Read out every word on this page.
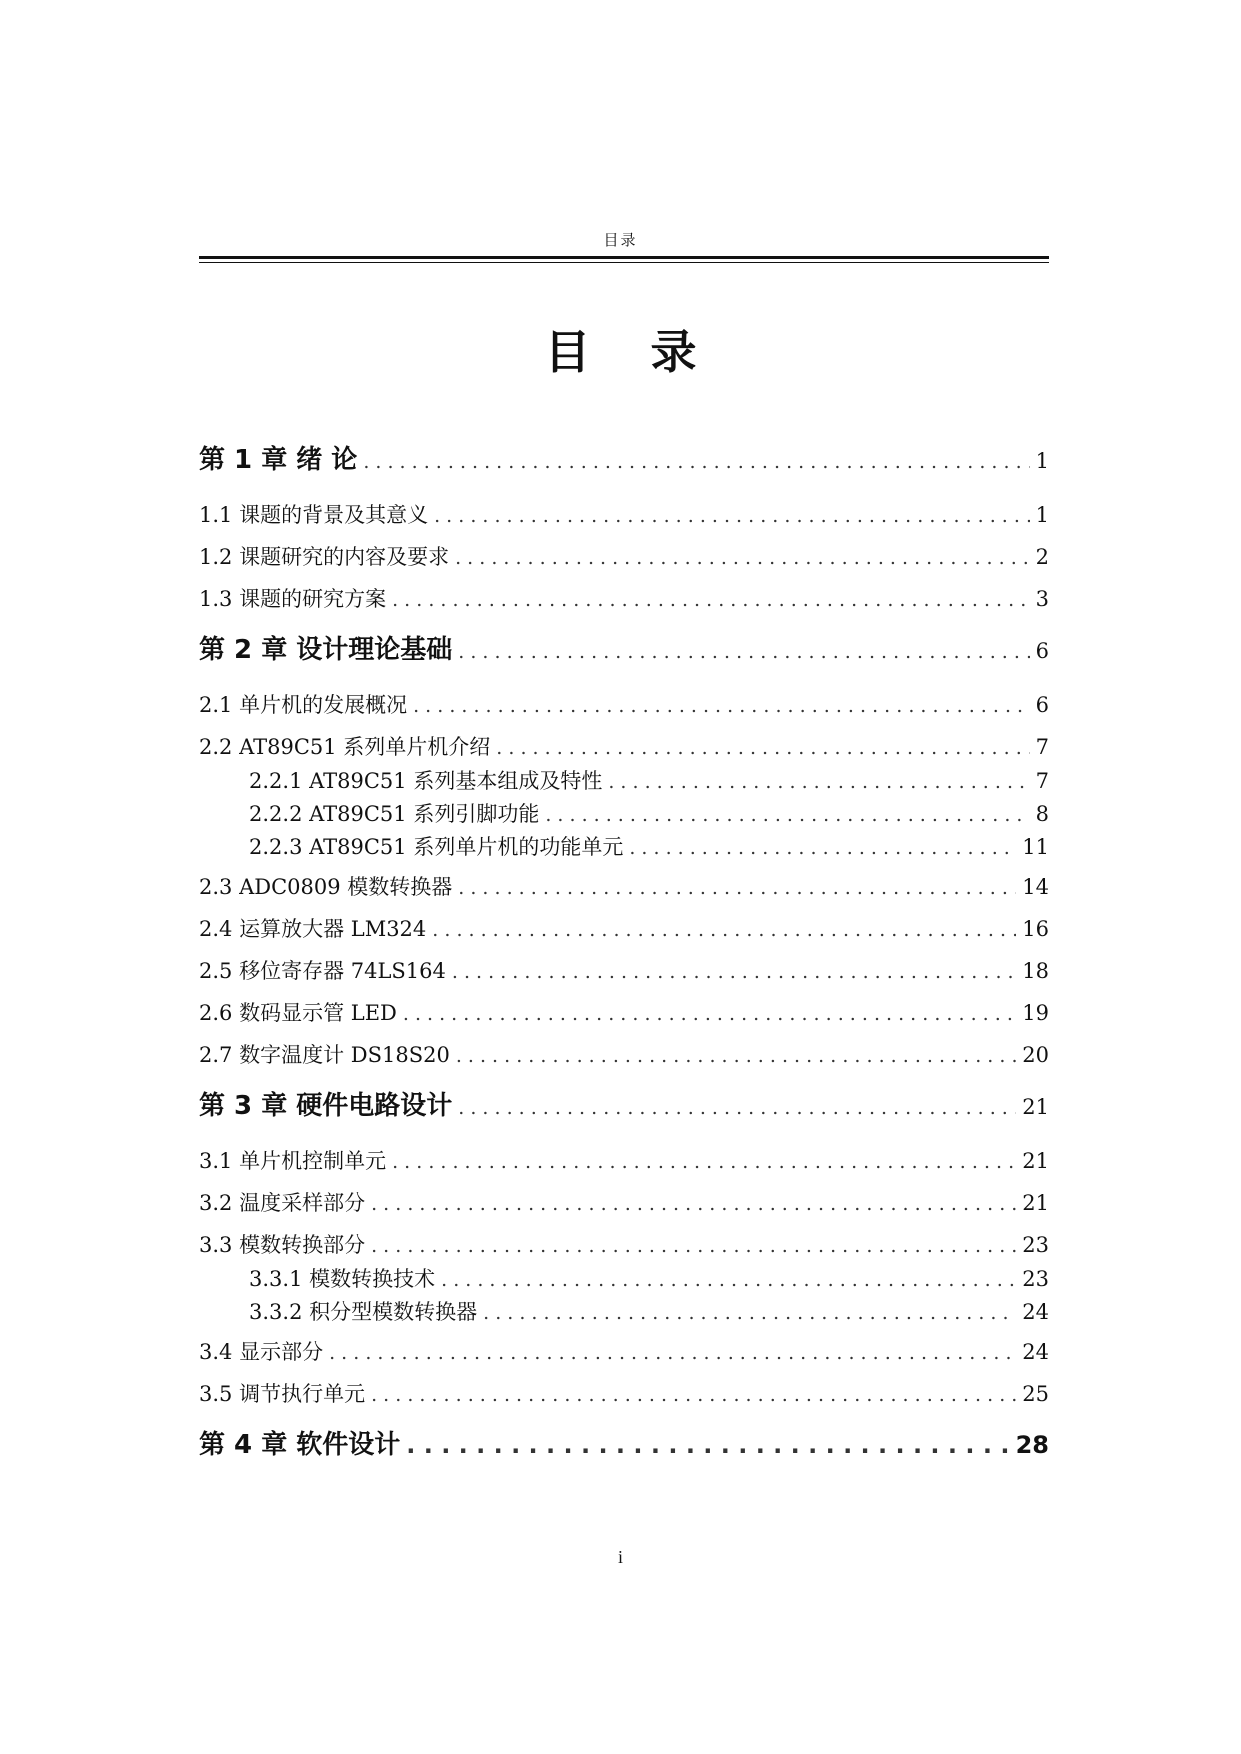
目录
目 录
第 1 章 绪 论 . . .	1
1.1 课题的背景及其意义 . . .	1
1.2 课题研究的内容及要求 . . .	2
1.3 课题的研究方案 . . .	3
第 2 章 设计理论基础 . . .	6
2.1 单片机的发展概况 . . .	6
2.2 AT89C51 系列单片机介绍 . . .	7
2.2.1 AT89C51 系列基本组成及特性 . . .	7
2.2.2 AT89C51 系列引脚功能 . . .	8
2.2.3 AT89C51 系列单片机的功能单元 . . .	11
2.3 ADC0809 模数转换器 . . .	14
2.4 运算放大器 LM324 . . .	16
2.5 移位寄存器 74LS164 . . .	18
2.6 数码显示管 LED . . .	19
2.7 数字温度计 DS18S20 . . .	20
第 3 章 硬件电路设计 . . .	21
3.1 单片机控制单元 . . .	21
3.2 温度采样部分 . . .	21
3.3 模数转换部分 . . .	23
3.3.1 模数转换技术 . . .	23
3.3.2 积分型模数转换器 . . .	24
3.4 显示部分 . . .	24
3.5 调节执行单元 . . .	25
第 4 章 软件设计 . . .	28
i
